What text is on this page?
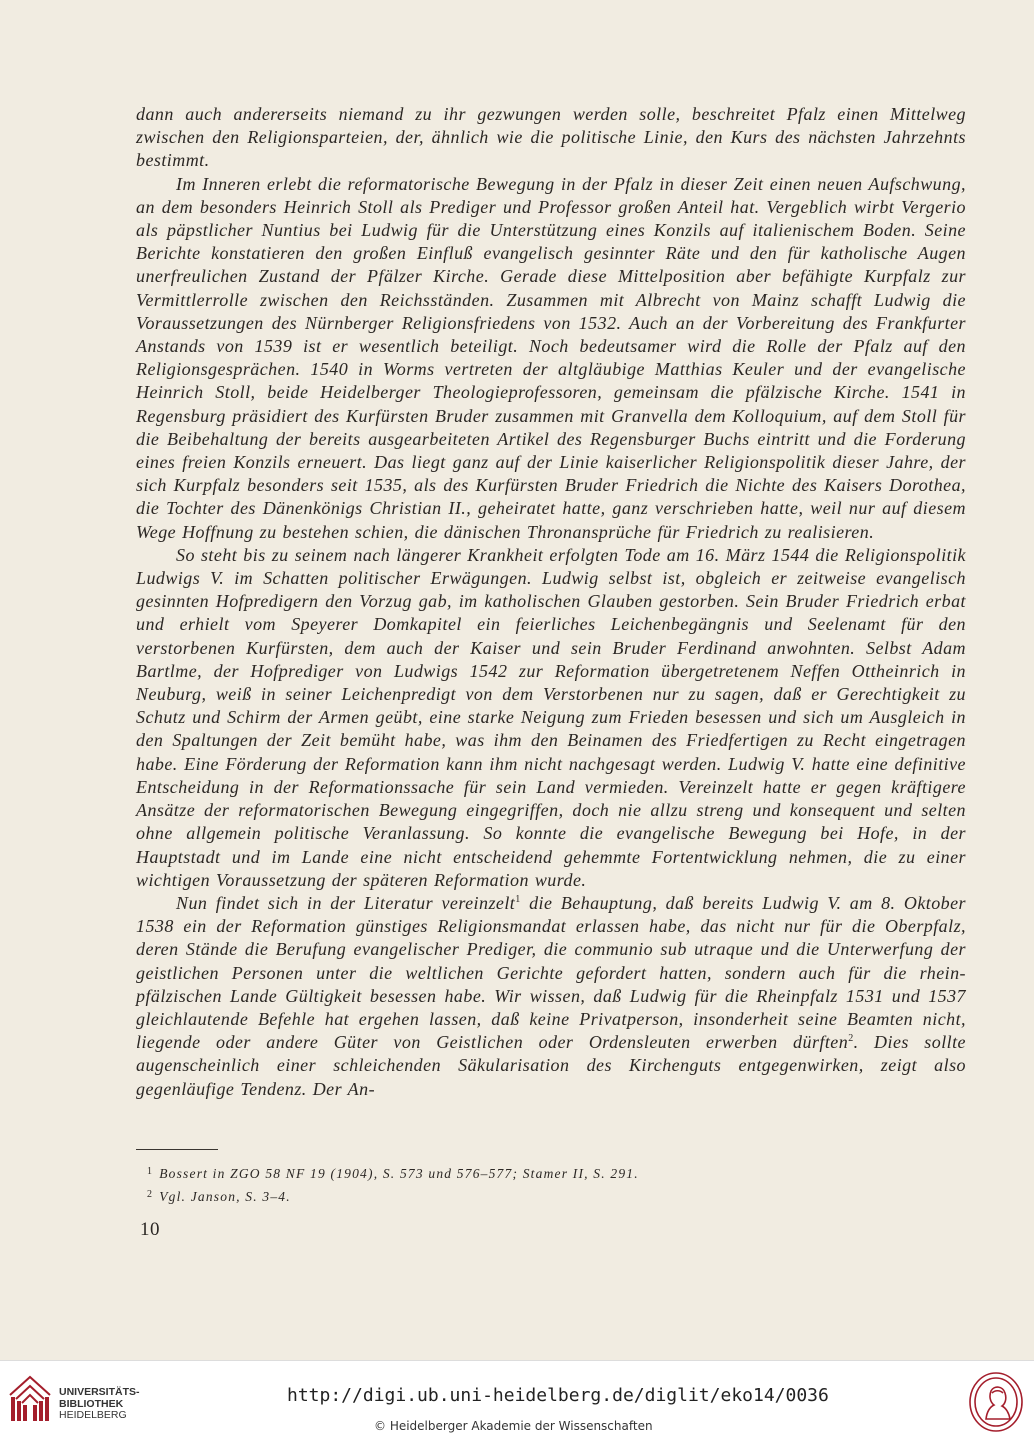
dann auch andererseits niemand zu ihr gezwungen werden solle, beschreitet Pfalz einen Mittelweg zwischen den Religionsparteien, der, ähnlich wie die politische Linie, den Kurs des nächsten Jahrzehnts bestimmt.

Im Inneren erlebt die reformatorische Bewegung in der Pfalz in dieser Zeit einen neuen Aufschwung, an dem besonders Heinrich Stoll als Prediger und Professor großen Anteil hat. Vergeblich wirbt Vergerio als päpstlicher Nuntius bei Ludwig für die Unterstützung eines Konzils auf italienischem Boden. Seine Berichte konstatieren den großen Einfluß evangelisch gesinnter Räte und den für katholische Augen unerfreulichen Zustand der Pfälzer Kirche. Gerade diese Mittelposition aber befähigte Kurpfalz zur Vermittlerrolle zwischen den Reichsständen. Zusammen mit Albrecht von Mainz schafft Ludwig die Voraussetzungen des Nürnberger Religionsfriedens von 1532. Auch an der Vorbereitung des Frankfurter Anstands von 1539 ist er wesentlich beteiligt. Noch bedeutsamer wird die Rolle der Pfalz auf den Religionsgesprächen. 1540 in Worms vertreten der altgläubige Matthias Keuler und der evangelische Heinrich Stoll, beide Heidelberger Theologieprofessoren, gemeinsam die pfälzische Kirche. 1541 in Regensburg präsidiert des Kurfürsten Bruder zusammen mit Granvella dem Kolloquium, auf dem Stoll für die Beibehaltung der bereits ausgearbeiteten Artikel des Regensburger Buchs eintritt und die Forderung eines freien Konzils erneuert. Das liegt ganz auf der Linie kaiserlicher Religionspolitik dieser Jahre, der sich Kurpfalz besonders seit 1535, als des Kurfürsten Bruder Friedrich die Nichte des Kaisers Dorothea, die Tochter des Dänenkönigs Christian II., geheiratet hatte, ganz verschrieben hatte, weil nur auf diesem Wege Hoffnung zu bestehen schien, die dänischen Thronansprüche für Friedrich zu realisieren.

So steht bis zu seinem nach längerer Krankheit erfolgten Tode am 16. März 1544 die Religionspolitik Ludwigs V. im Schatten politischer Erwägungen. Ludwig selbst ist, obgleich er zeitweise evangelisch gesinnten Hofpredigern den Vorzug gab, im katholischen Glauben gestorben. Sein Bruder Friedrich erbat und erhielt vom Speyerer Domkapitel ein feierliches Leichenbegängnis und Seelenamt für den verstorbenen Kurfürsten, dem auch der Kaiser und sein Bruder Ferdinand anwohnten. Selbst Adam Bartlme, der Hofprediger von Ludwigs 1542 zur Reformation übergetretenem Neffen Ottheinrich in Neuburg, weiß in seiner Leichenpredigt von dem Verstorbenen nur zu sagen, daß er Gerechtigkeit zu Schutz und Schirm der Armen geübt, eine starke Neigung zum Frieden besessen und sich um Ausgleich in den Spaltungen der Zeit bemüht habe, was ihm den Beinamen des Friedfertigen zu Recht eingetragen habe. Eine Förderung der Reformation kann ihm nicht nachgesagt werden. Ludwig V. hatte eine definitive Entscheidung in der Reformationssache für sein Land vermieden. Vereinzelt hatte er gegen kräftigere Ansätze der reformatorischen Bewegung eingegriffen, doch nie allzu streng und konsequent und selten ohne allgemein politische Veranlassung. So konnte die evangelische Bewegung bei Hofe, in der Hauptstadt und im Lande eine nicht entscheidend gehemmte Fortentwicklung nehmen, die zu einer wichtigen Voraussetzung der späteren Reformation wurde.

Nun findet sich in der Literatur vereinzelt$^1$ die Behauptung, daß bereits Ludwig V. am 8. Oktober 1538 ein der Reformation günstiges Religionsmandat erlassen habe, das nicht nur für die Oberpfalz, deren Stände die Berufung evangelischer Prediger, die communio sub utraque und die Unterwerfung der geistlichen Personen unter die weltlichen Gerichte gefordert hatten, sondern auch für die rhein-pfälzischen Lande Gültigkeit besessen habe. Wir wissen, daß Ludwig für die Rheinpfalz 1531 und 1537 gleichlautende Befehle hat ergehen lassen, daß keine Privatperson, insonderheit seine Beamten nicht, liegende oder andere Güter von Geistlichen oder Ordensleuten erwerben dürften$^2$. Dies sollte augenscheinlich einer schleichenden Säkularisation des Kirchenguts entgegenwirken, zeigt also gegenläufige Tendenz. Der An-

$^1$ Bossert in ZGO 58 NF 19 (1904), S. 573 und 576–577; Stamer II, S. 291.
$^2$ Vgl. Janson, S. 3–4.
10
UNIVERSITÄTS-
BIBLIOTHEK
HEIDELBERG
http://digi.ub.uni-heidelberg.de/diglit/eko14/0036
© Heidelberger Akademie der Wissenschaften
